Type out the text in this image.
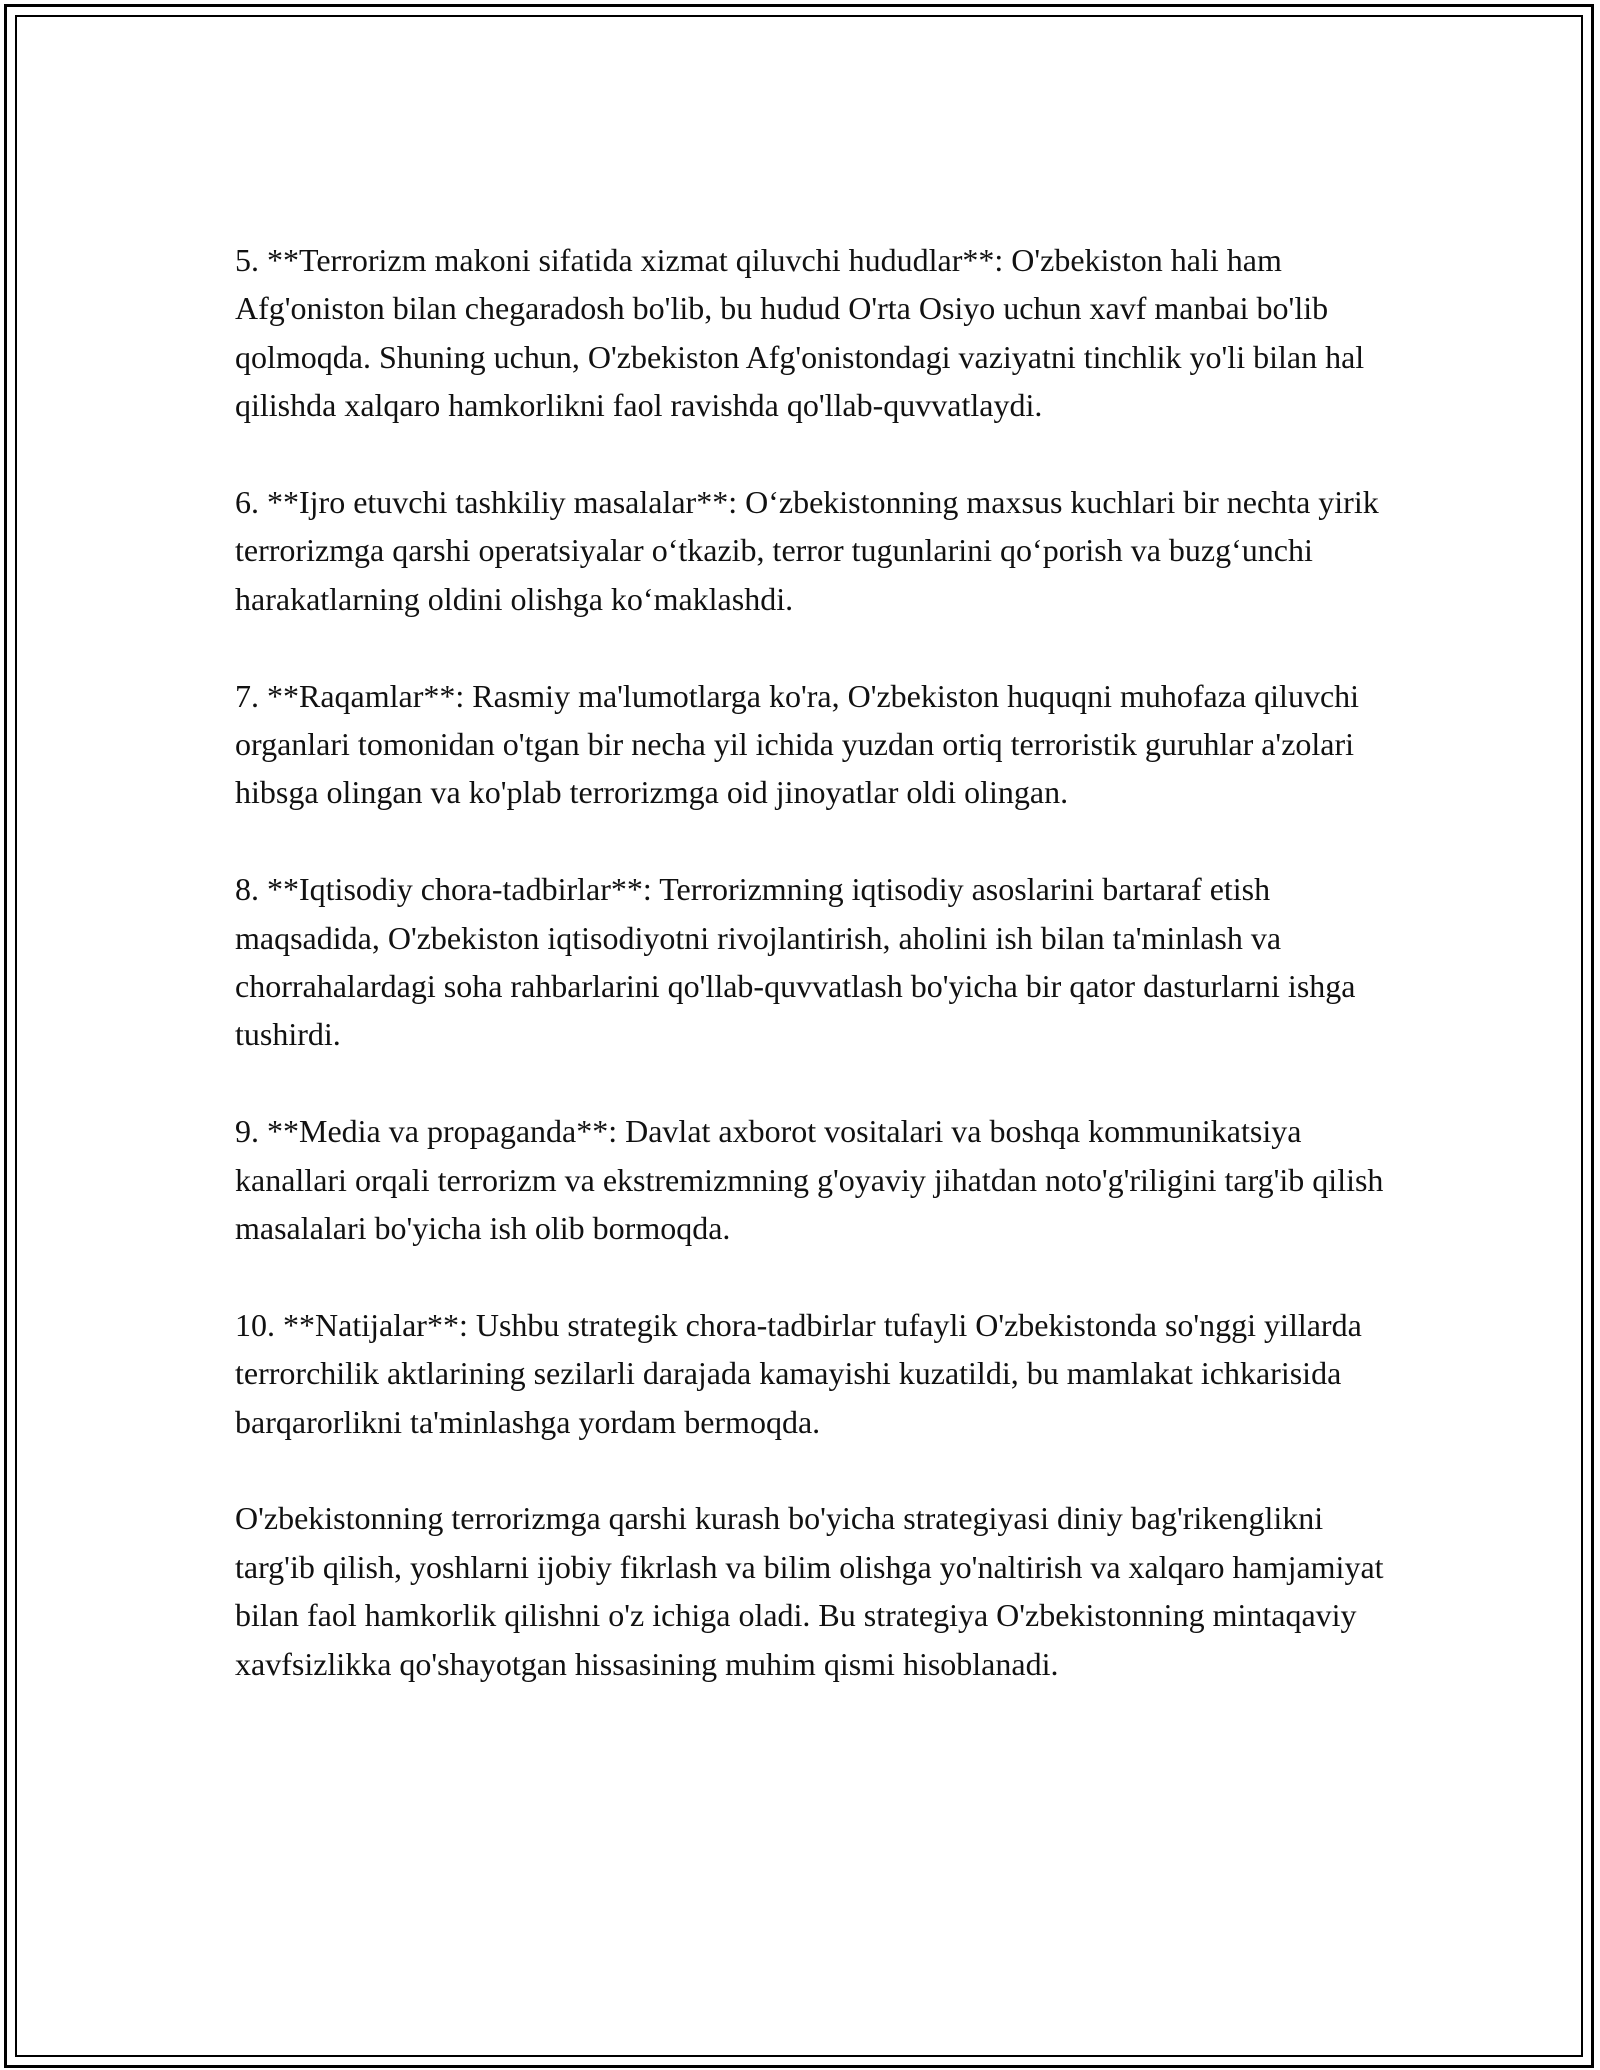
5. **Terrorizm makoni sifatida xizmat qiluvchi hududlar**: O'zbekiston hali ham Afg'oniston bilan chegaradosh bo'lib, bu hudud O'rta Osiyo uchun xavf manbai bo'lib qolmoqda. Shuning uchun, O'zbekiston Afg'onistondagi vaziyatni tinchlik yo'li bilan hal qilishda xalqaro hamkorlikni faol ravishda qo'llab-quvvatlaydi.

6. **Ijro etuvchi tashkiliy masalalar**: O‘zbekistonning maxsus kuchlari bir nechta yirik terrorizmga qarshi operatsiyalar o‘tkazib, terror tugunlarini qo‘porish va buzg‘unchi harakatlarning oldini olishga ko‘maklashdi.

7. **Raqamlar**: Rasmiy ma'lumotlarga ko'ra, O'zbekiston huquqni muhofaza qiluvchi organlari tomonidan o'tgan bir necha yil ichida yuzdan ortiq terroristik guruhlar a'zolari hibsga olingan va ko'plab terrorizmga oid jinoyatlar oldi olingan.

8. **Iqtisodiy chora-tadbirlar**: Terrorizmning iqtisodiy asoslarini bartaraf etish maqsadida, O'zbekiston iqtisodiyotni rivojlantirish, aholini ish bilan ta'minlash va chorrahalardagi soha rahbarlarini qo'llab-quvvatlash bo'yicha bir qator dasturlarni ishga tushirdi.

9. **Media va propaganda**: Davlat axborot vositalari va boshqa kommunikatsiya kanallari orqali terrorizm va ekstremizmning g'oyaviy jihatdan noto'g'riligini targ'ib qilish masalalari bo'yicha ish olib bormoqda.

10. **Natijalar**: Ushbu strategik chora-tadbirlar tufayli O'zbekistonda so'nggi yillarda terrorchilik aktlarining sezilarli darajada kamayishi kuzatildi, bu mamlakat ichkarisida barqarorlikni ta'minlashga yordam bermoqda.

O'zbekistonning terrorizmga qarshi kurash bo'yicha strategiyasi diniy bag'rikenglikni targ'ib qilish, yoshlarni ijobiy fikrlash va bilim olishga yo'naltirish va xalqaro hamjamiyat bilan faol hamkorlik qilishni o'z ichiga oladi. Bu strategiya O'zbekistonning mintaqaviy xavfsizlikka qo'shayotgan hissasining muhim qismi hisoblanadi.
